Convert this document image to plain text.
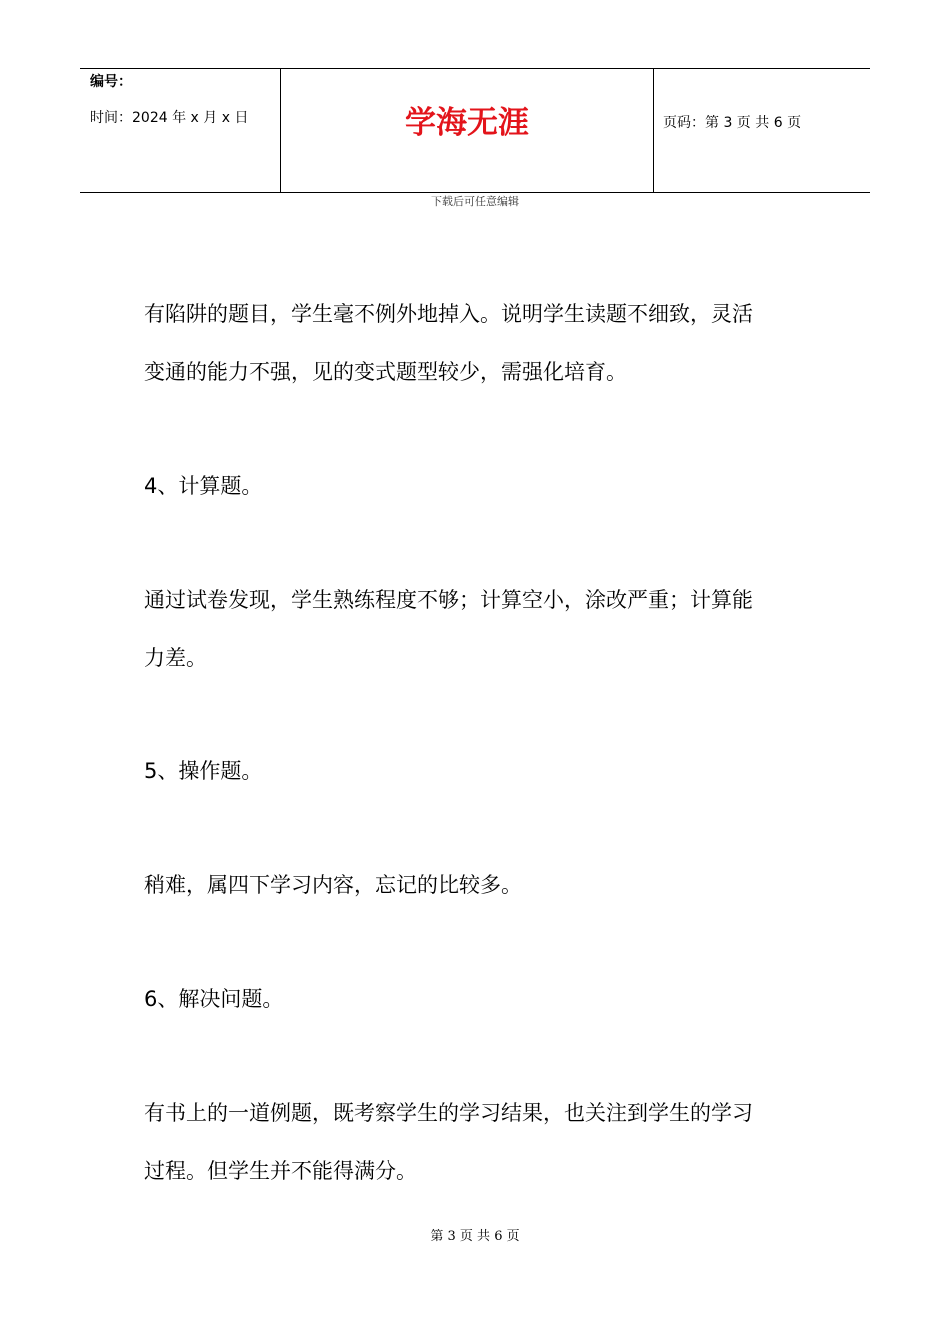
编号：
时间：2024 年 x 月 x 日	学海无涯	页码：第 3 页 共 6 页
下载后可任意编辑
有陷阱的题目，学生毫不例外地掉入。说明学生读题不细致，灵活
变通的能力不强，见的变式题型较少，需强化培育。
4、计算题。
通过试卷发现，学生熟练程度不够；计算空小，涂改严重；计算能
力差。
5、操作题。
稍难，属四下学习内容，忘记的比较多。
6、解决问题。
有书上的一道例题，既考察学生的学习结果，也关注到学生的学习
过程。但学生并不能得满分。
第 3 页 共 6 页
